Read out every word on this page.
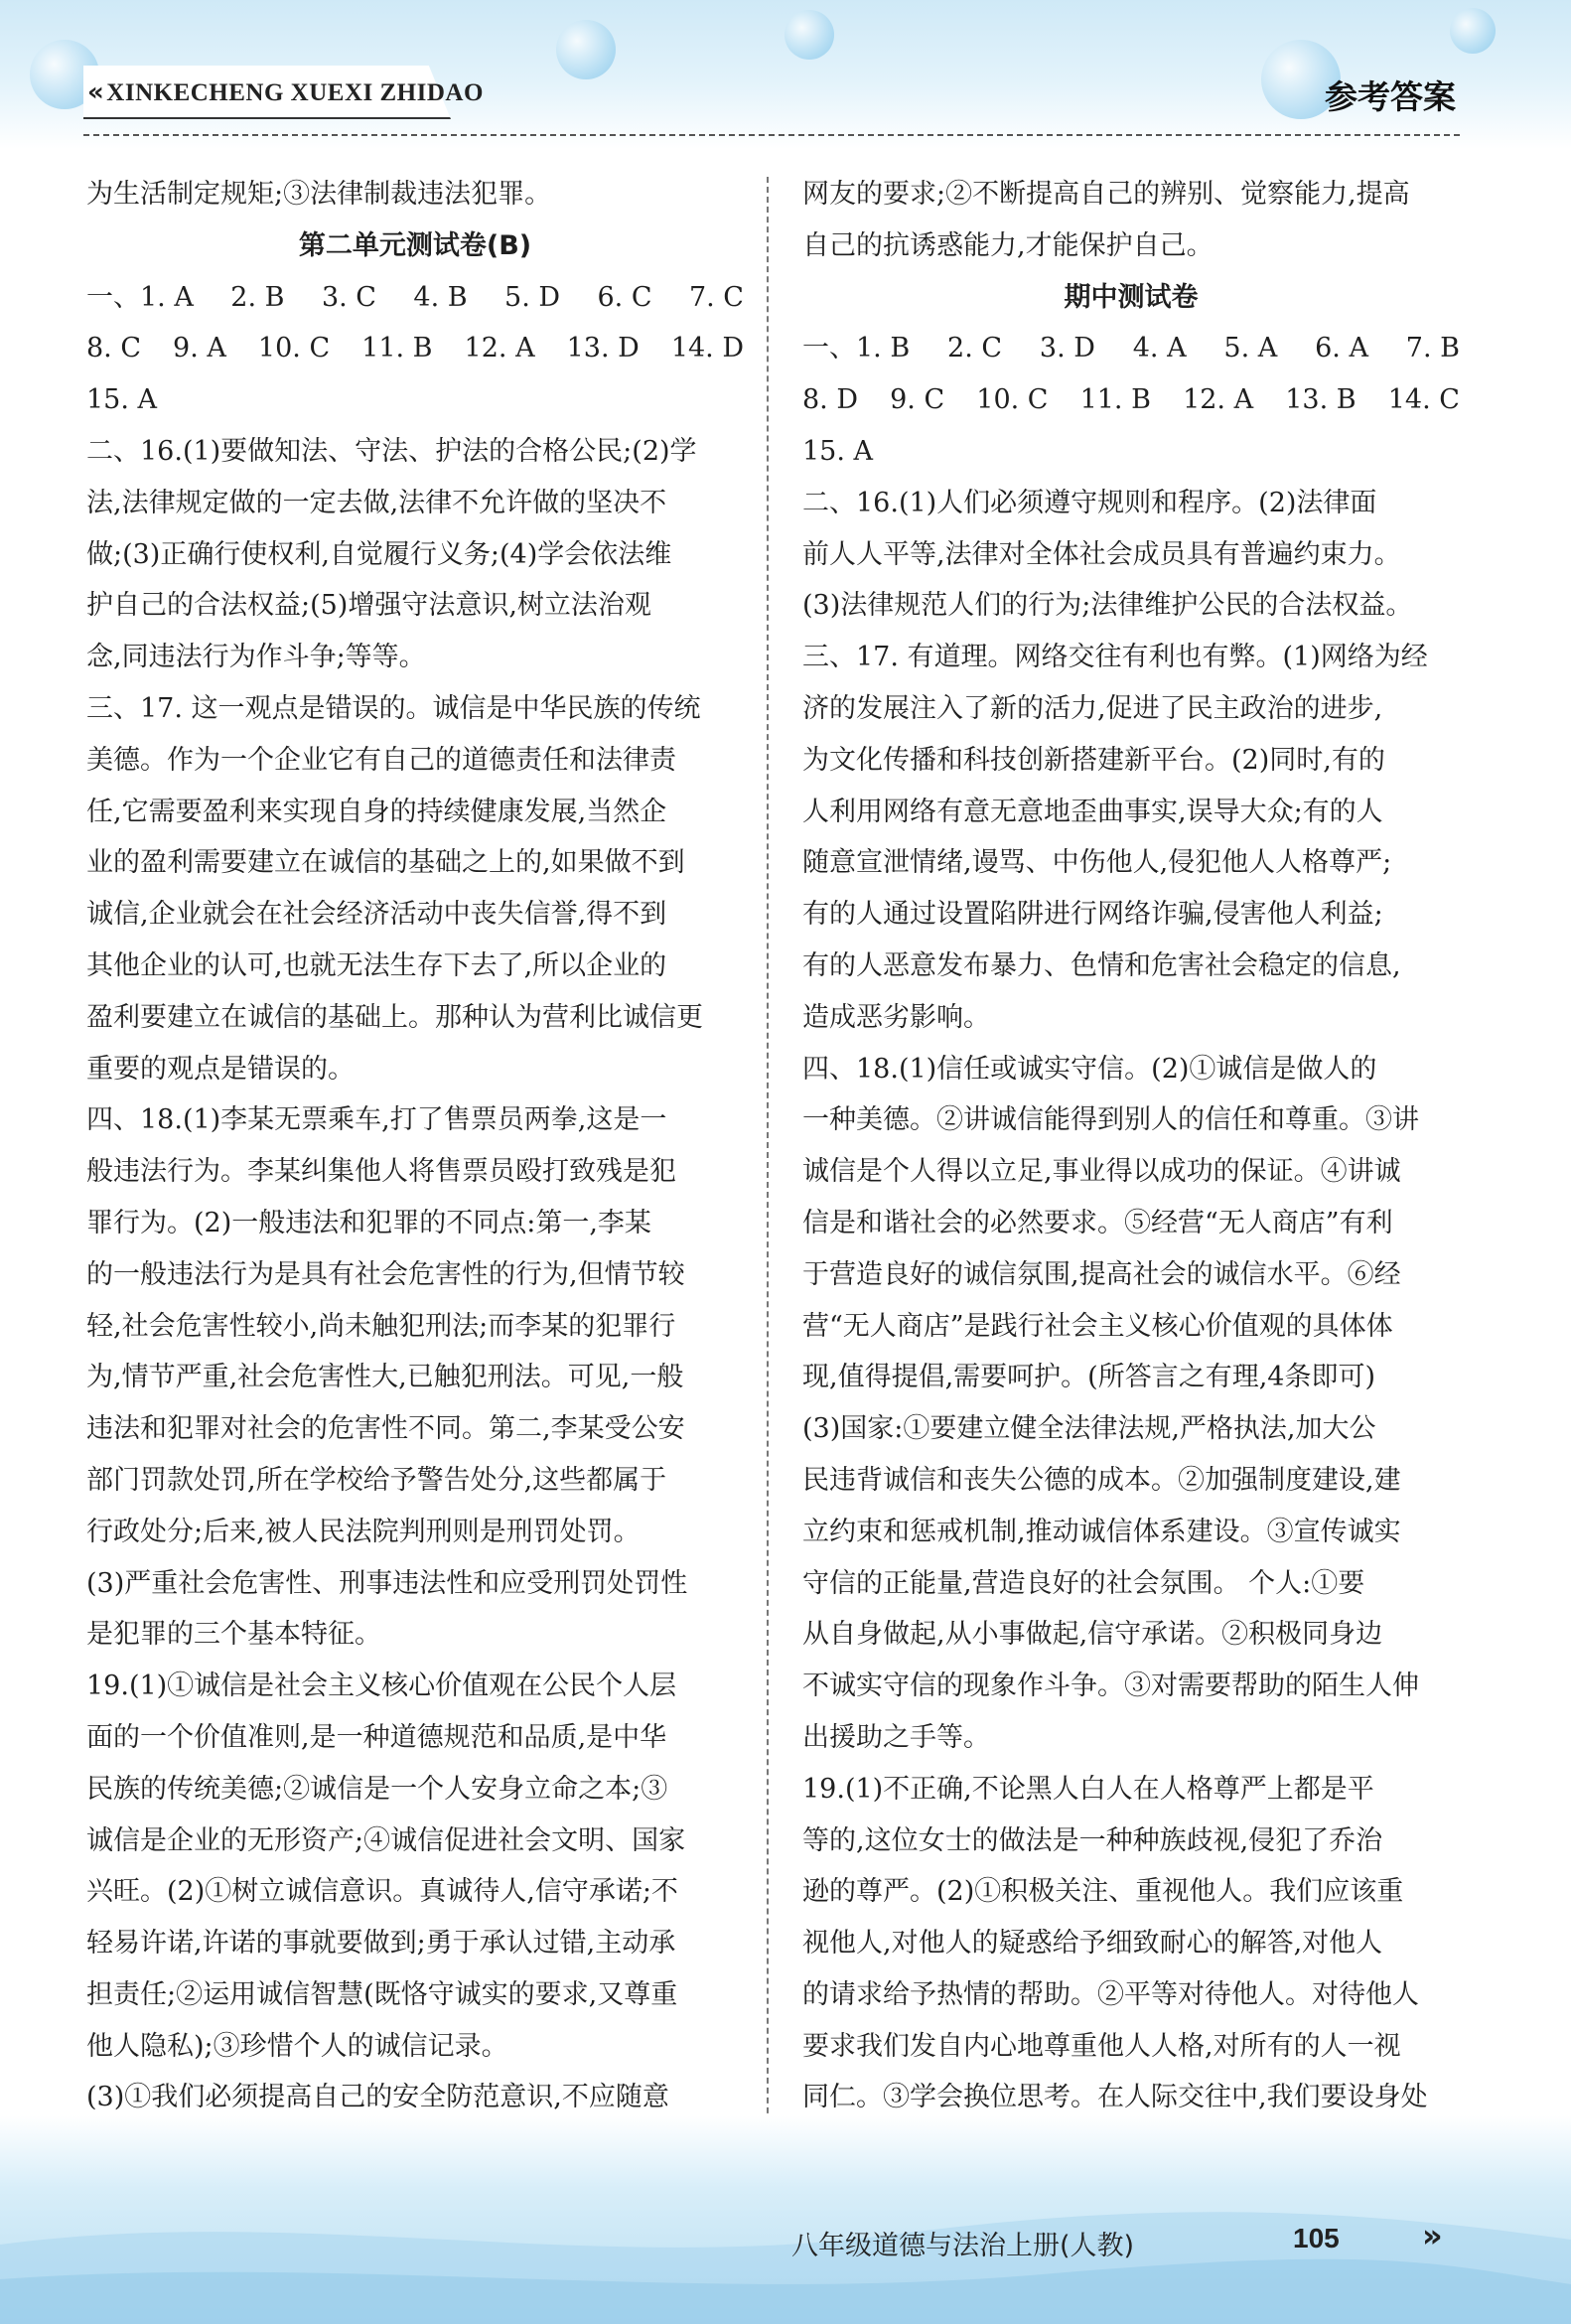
«XINKECHENG XUEXI ZHIDAO	参考答案
为生活制定规矩;③法律制裁违法犯罪。
第二单元测试卷(B)
一、1. A 2. B 3. C 4. B 5. D 6. C 7. C
8. C 9. A 10. C 11. B 12. A 13. D 14. D
15. A
二、16.(1)要做知法、守法、护法的合格公民;(2)学
法,法律规定做的一定去做,法律不允许做的坚决不
做;(3)正确行使权利,自觉履行义务;(4)学会依法维
护自己的合法权益;(5)增强守法意识,树立法治观
念,同违法行为作斗争;等等。
三、17. 这一观点是错误的。诚信是中华民族的传统
美德。作为一个企业它有自己的道德责任和法律责
任,它需要盈利来实现自身的持续健康发展,当然企
业的盈利需要建立在诚信的基础之上的,如果做不到
诚信,企业就会在社会经济活动中丧失信誉,得不到
其他企业的认可,也就无法生存下去了,所以企业的
盈利要建立在诚信的基础上。那种认为营利比诚信更
重要的观点是错误的。
四、18.(1)李某无票乘车,打了售票员两拳,这是一
般违法行为。李某纠集他人将售票员殴打致残是犯
罪行为。(2)一般违法和犯罪的不同点:第一,李某
的一般违法行为是具有社会危害性的行为,但情节较
轻,社会危害性较小,尚未触犯刑法;而李某的犯罪行
为,情节严重,社会危害性大,已触犯刑法。可见,一般
违法和犯罪对社会的危害性不同。第二,李某受公安
部门罚款处罚,所在学校给予警告处分,这些都属于
行政处分;后来,被人民法院判刑则是刑罚处罚。
(3)严重社会危害性、刑事违法性和应受刑罚处罚性
是犯罪的三个基本特征。
19.(1)①诚信是社会主义核心价值观在公民个人层
面的一个价值准则,是一种道德规范和品质,是中华
民族的传统美德;②诚信是一个人安身立命之本;③
诚信是企业的无形资产;④诚信促进社会文明、国家
兴旺。(2)①树立诚信意识。真诚待人,信守承诺;不
轻易许诺,许诺的事就要做到;勇于承认过错,主动承
担责任;②运用诚信智慧(既恪守诚实的要求,又尊重
他人隐私);③珍惜个人的诚信记录。
(3)①我们必须提高自己的安全防范意识,不应随意
网友的要求;②不断提高自己的辨别、觉察能力,提高
自己的抗诱惑能力,才能保护自己。
期中测试卷
一、1. B 2. C 3. D 4. A 5. A 6. A 7. B
8. D 9. C 10. C 11. B 12. A 13. B 14. C
15. A
二、16.(1)人们必须遵守规则和程序。(2)法律面
前人人平等,法律对全体社会成员具有普遍约束力。
(3)法律规范人们的行为;法律维护公民的合法权益。
三、17. 有道理。网络交往有利也有弊。(1)网络为经
济的发展注入了新的活力,促进了民主政治的进步,
为文化传播和科技创新搭建新平台。(2)同时,有的
人利用网络有意无意地歪曲事实,误导大众;有的人
随意宣泄情绪,谩骂、中伤他人,侵犯他人人格尊严;
有的人通过设置陷阱进行网络诈骗,侵害他人利益;
有的人恶意发布暴力、色情和危害社会稳定的信息,
造成恶劣影响。
四、18.(1)信任或诚实守信。(2)①诚信是做人的
一种美德。②讲诚信能得到别人的信任和尊重。③讲
诚信是个人得以立足,事业得以成功的保证。④讲诚
信是和谐社会的必然要求。⑤经营“无人商店”有利
于营造良好的诚信氛围,提高社会的诚信水平。⑥经
营“无人商店”是践行社会主义核心价值观的具体体
现,值得提倡,需要呵护。(所答言之有理,4条即可)
(3)国家:①要建立健全法律法规,严格执法,加大公
民违背诚信和丧失公德的成本。②加强制度建设,建
立约束和惩戒机制,推动诚信体系建设。③宣传诚实
守信的正能量,营造良好的社会氛围。 个人:①要
从自身做起,从小事做起,信守承诺。②积极同身边
不诚实守信的现象作斗争。③对需要帮助的陌生人伸
出援助之手等。
19.(1)不正确,不论黑人白人在人格尊严上都是平
等的,这位女士的做法是一种种族歧视,侵犯了乔治
逊的尊严。(2)①积极关注、重视他人。我们应该重
视他人,对他人的疑惑给予细致耐心的解答,对他人
的请求给予热情的帮助。②平等对待他人。对待他人
要求我们发自内心地尊重他人人格,对所有的人一视
同仁。③学会换位思考。在人际交往中,我们要设身处
八年级道德与法治上册(人教)	105	»
